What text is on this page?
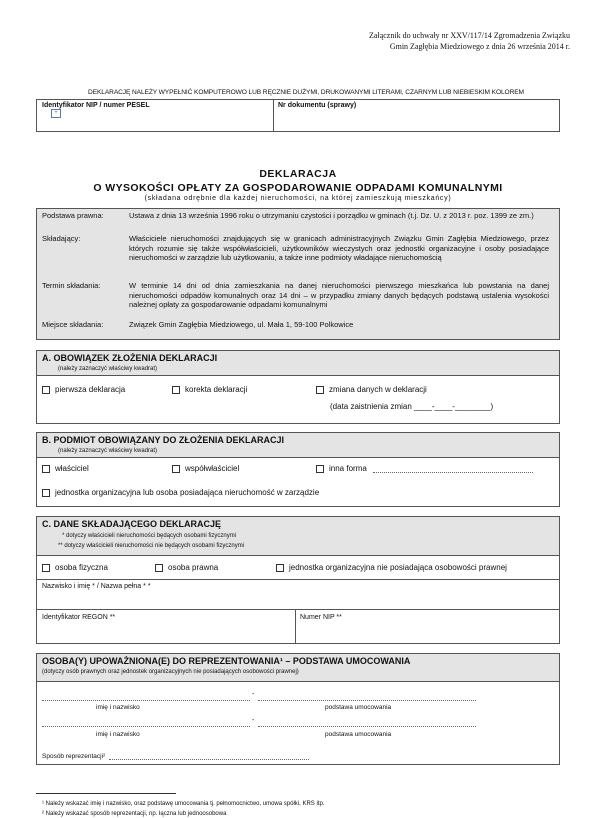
Załącznik do uchwały nr XXV/117/14 Zgromadzenia Związku
Gmin Zagłębia Miedziowego z dnia 26 września 2014 r.
DEKLARACJĘ NALEŻY WYPEŁNIĆ KOMPUTEROWO LUB RĘCZNIE DUŻYMI, DRUKOWANYMI LITERAMI, CZARNYM LUB NIEBIESKIM KOLOREM
Identyfikator NIP / numer PESEL
+
Nr dokumentu (sprawy)
DEKLARACJA
O WYSOKOŚCI OPŁATY ZA GOSPODAROWANIE ODPADAMI KOMUNALNYMI
(składana odrębnie dla każdej nieruchomości, na której zamieszkują mieszkańcy)
Podstawa prawna:	Ustawa z dnia 13 września 1996 roku o utrzymaniu czystości i porządku w gminach (t.j. Dz. U. z 2013 r. poz. 1399 ze zm.)
Składający:	Właściciele nieruchomości znajdujących się w granicach administracyjnych Związku Gmin Zagłębia Miedziowego, przez których rozumie się także współwłaścicieli, użytkowników wieczystych oraz jednostki organizacyjne i osoby posiadające nieruchomości w zarządzie lub użytkowaniu, a także inne podmioty władające nieruchomością
Termin składania:	W terminie 14 dni od dnia zamieszkania na danej nieruchomości pierwszego mieszkańca lub powstania na danej nieruchomości odpadów komunalnych oraz 14 dni – w przypadku zmiany danych będących podstawą ustalenia wysokości należnej opłaty za gospodarowanie odpadami komunalnymi
Miejsce składania:	Związek Gmin Zagłębia Miedziowego, ul. Mała 1, 59-100 Polkowice
A. OBOWIĄZEK ZŁOŻENIA DEKLARACJI
(należy zaznaczyć właściwy kwadrat)
pierwsza deklaracja	korekta deklaracji	zmiana danych w deklaracji
(data zaistnienia zmian ____-____-________)
B. PODMIOT OBOWIĄZANY DO ZŁOŻENIA DEKLARACJI
(należy zaznaczyć właściwy kwadrat)
właściciel	współwłaściciel	inna forma
jednostka organizacyjna lub osoba posiadająca nieruchomość w zarządzie
C. DANE SKŁADAJĄCEGO DEKLARACJĘ
* dotyczy właścicieli nieruchomości będących osobami fizycznymi
** dotyczy właścicieli nieruchomości nie będących osobami fizycznymi
osoba fizyczna	osoba prawna	jednostka organizacyjna nie posiadająca osobowości prawnej
Nazwisko i imię * / Nazwa pełna * *
Identyfikator REGON **	Numer NIP **
OSOBA(Y) UPOWAŻNIONA(E) DO REPREZENTOWANIA¹ – PODSTAWA UMOCOWANIA
(dotyczy osób prawnych oraz jednostek organizacyjnych nie posiadających osobowości prawnej)
-
imię i nazwisko	podstawa umocowania
-
imię i nazwisko	podstawa umocowania
Sposób reprezentacji²
¹ Należy wskazać imię i nazwisko, oraz podstawę umocowania tj. pełnomocnictwo, umowa spółki, KRS itp.
² Należy wskazać sposób reprezentacji, np. łączna lub jednoosobowa
